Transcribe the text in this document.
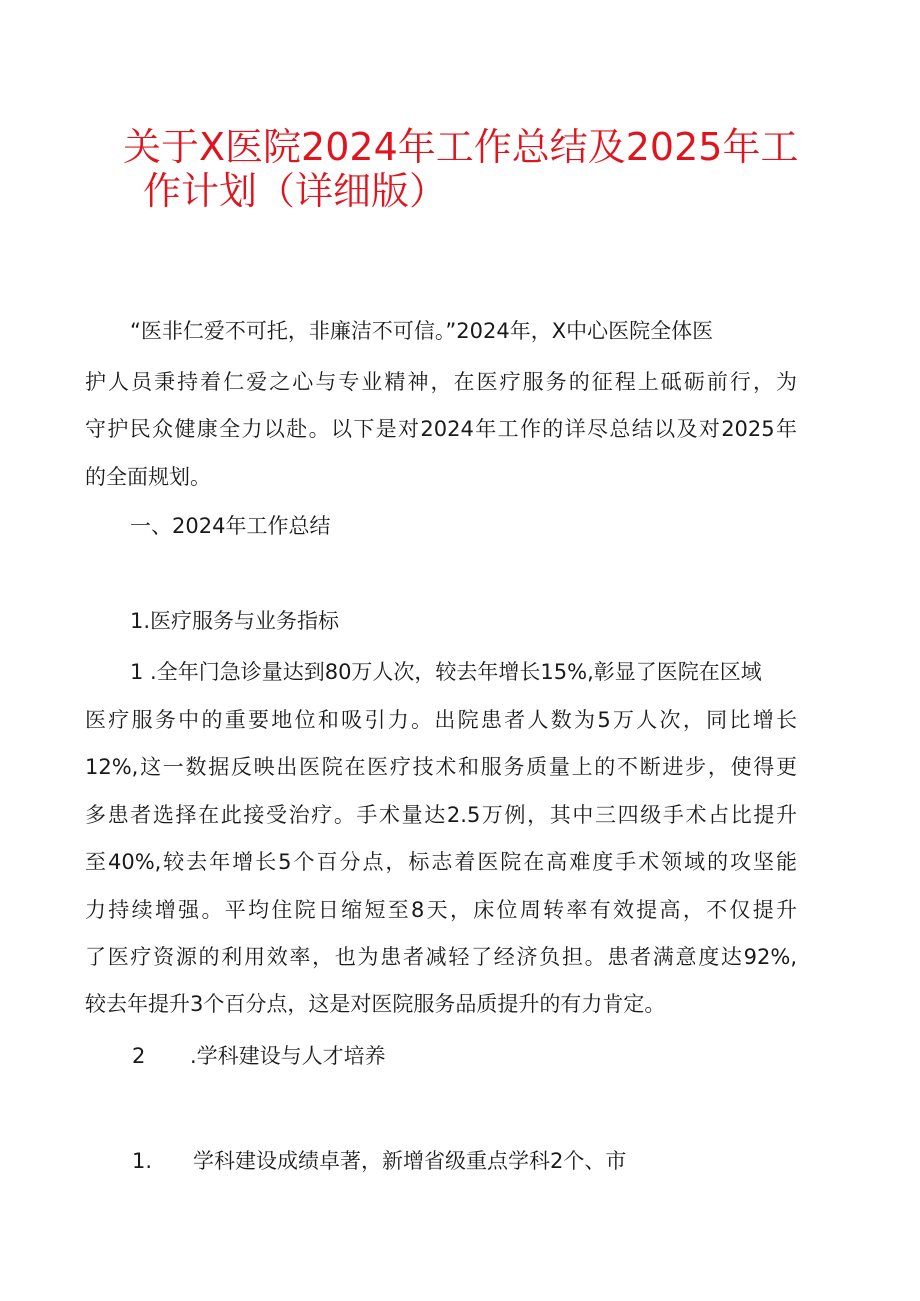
关于X医院2024年工作总结及2025年工
作计划（详细版）
“医非仁爱不可托，非廉洁不可信。”2024年，X中心医院全体医
护人员秉持着仁爱之心与专业精神，在医疗服务的征程上砥砺前行，为
守护民众健康全力以赴。以下是对2024年工作的详尽总结以及对2025年
的全面规划。
一、2024年工作总结
1.医疗服务与业务指标
1 .全年门急诊量达到80万人次，较去年增长15%,彰显了医院在区域
医疗服务中的重要地位和吸引力。出院患者人数为5万人次，同比增长
12%,这一数据反映出医院在医疗技术和服务质量上的不断进步，使得更
多患者选择在此接受治疗。手术量达2.5万例，其中三四级手术占比提升
至40%,较去年增长5个百分点，标志着医院在高难度手术领域的攻坚能
力持续增强。平均住院日缩短至8天，床位周转率有效提高，不仅提升
了医疗资源的利用效率，也为患者减轻了经济负担。患者满意度达92%,
较去年提升3个百分点，这是对医院服务品质提升的有力肯定。
2 .学科建设与人才培养
1. 学科建设成绩卓著，新增省级重点学科2个、市
